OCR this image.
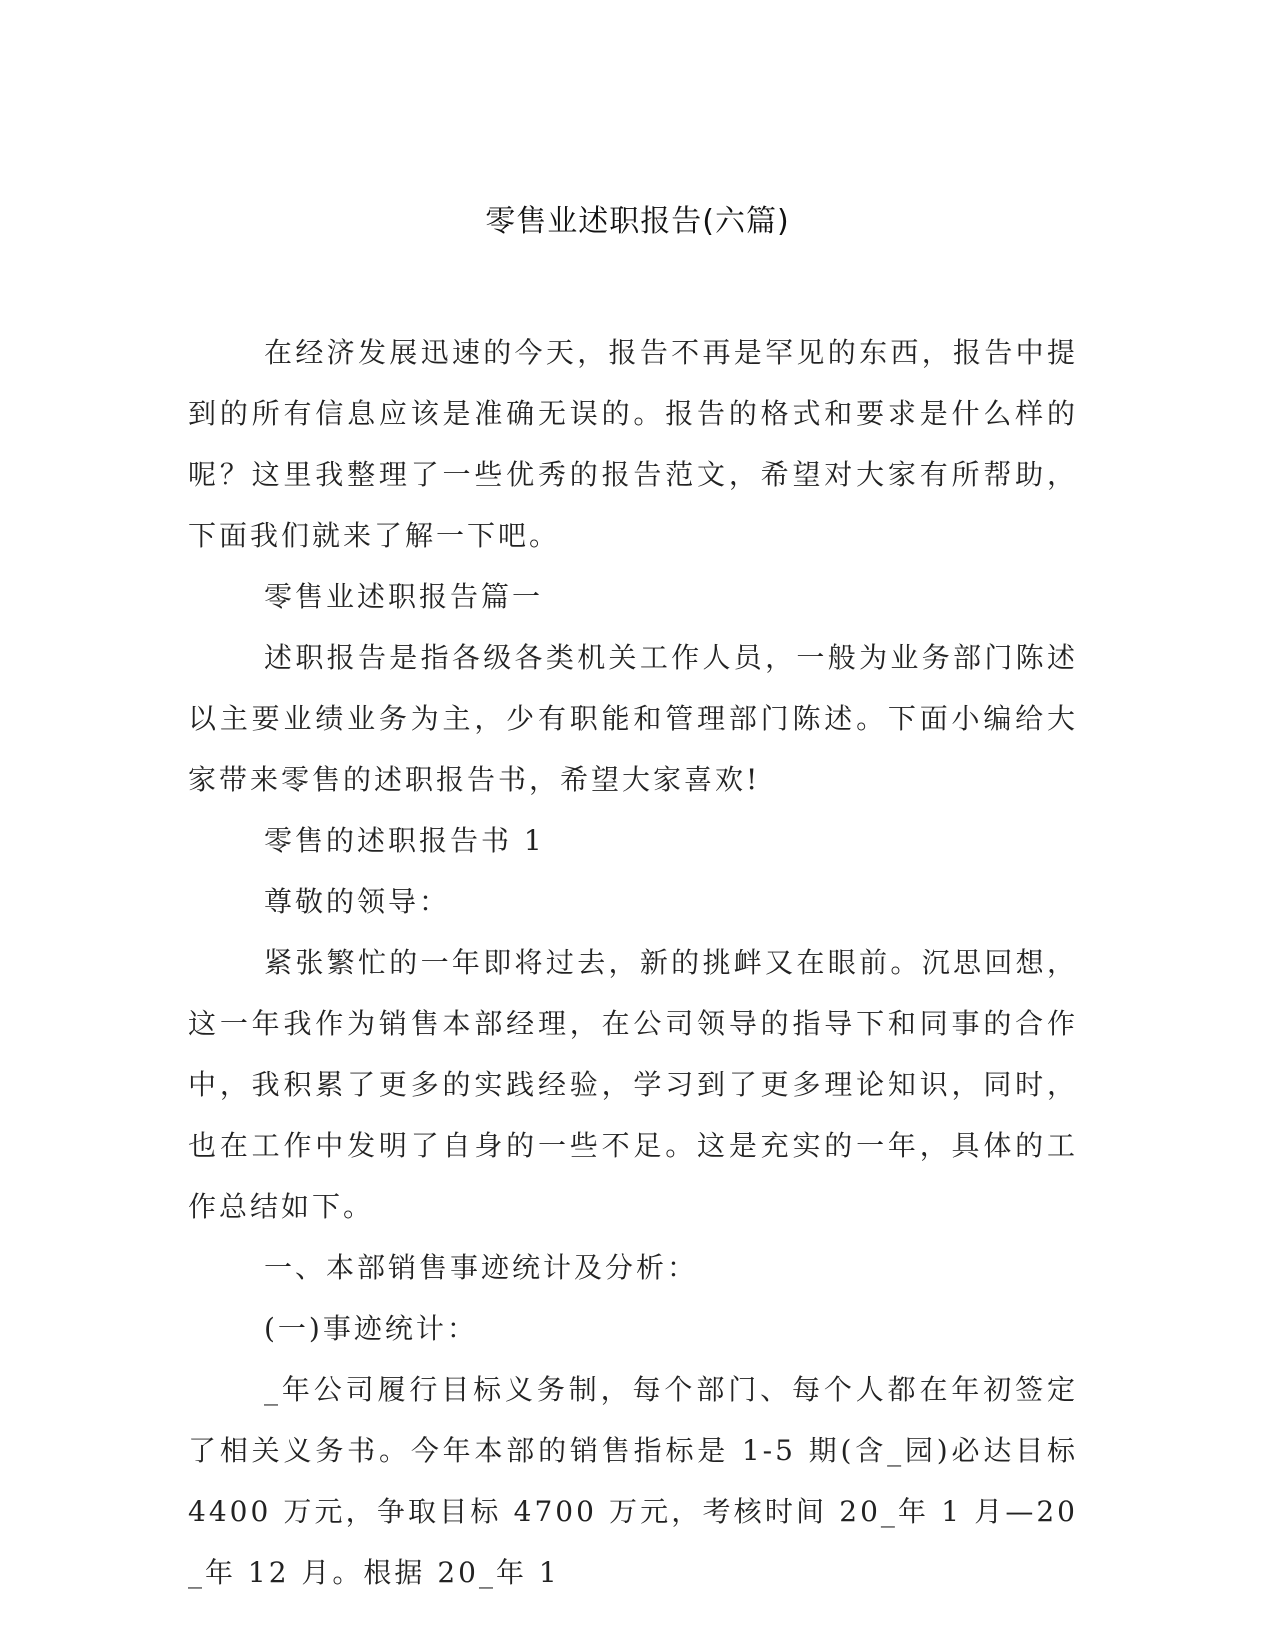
零售业述职报告(六篇)

在经济发展迅速的今天，报告不再是罕见的东西，报告中提到的所有信息应该是准确无误的。报告的格式和要求是什么样的呢？这里我整理了一些优秀的报告范文，希望对大家有所帮助，下面我们就来了解一下吧。

零售业述职报告篇一

述职报告是指各级各类机关工作人员，一般为业务部门陈述以主要业绩业务为主，少有职能和管理部门陈述。下面小编给大家带来零售的述职报告书，希望大家喜欢!

零售的述职报告书 1

尊敬的领导：

紧张繁忙的一年即将过去，新的挑衅又在眼前。沉思回想，这一年我作为销售本部经理，在公司领导的指导下和同事的合作中，我积累了更多的实践经验，学习到了更多理论知识，同时，也在工作中发明了自身的一些不足。这是充实的一年，具体的工作总结如下。

一、本部销售事迹统计及分析：

(一)事迹统计：

_年公司履行目标义务制，每个部门、每个人都在年初签定了相关义务书。今年本部的销售指标是 1-5 期(含_园)必达目标 4400 万元，争取目标 4700 万元，考核时间 20_年 1 月—20_年 12 月。根据 20_年 1
